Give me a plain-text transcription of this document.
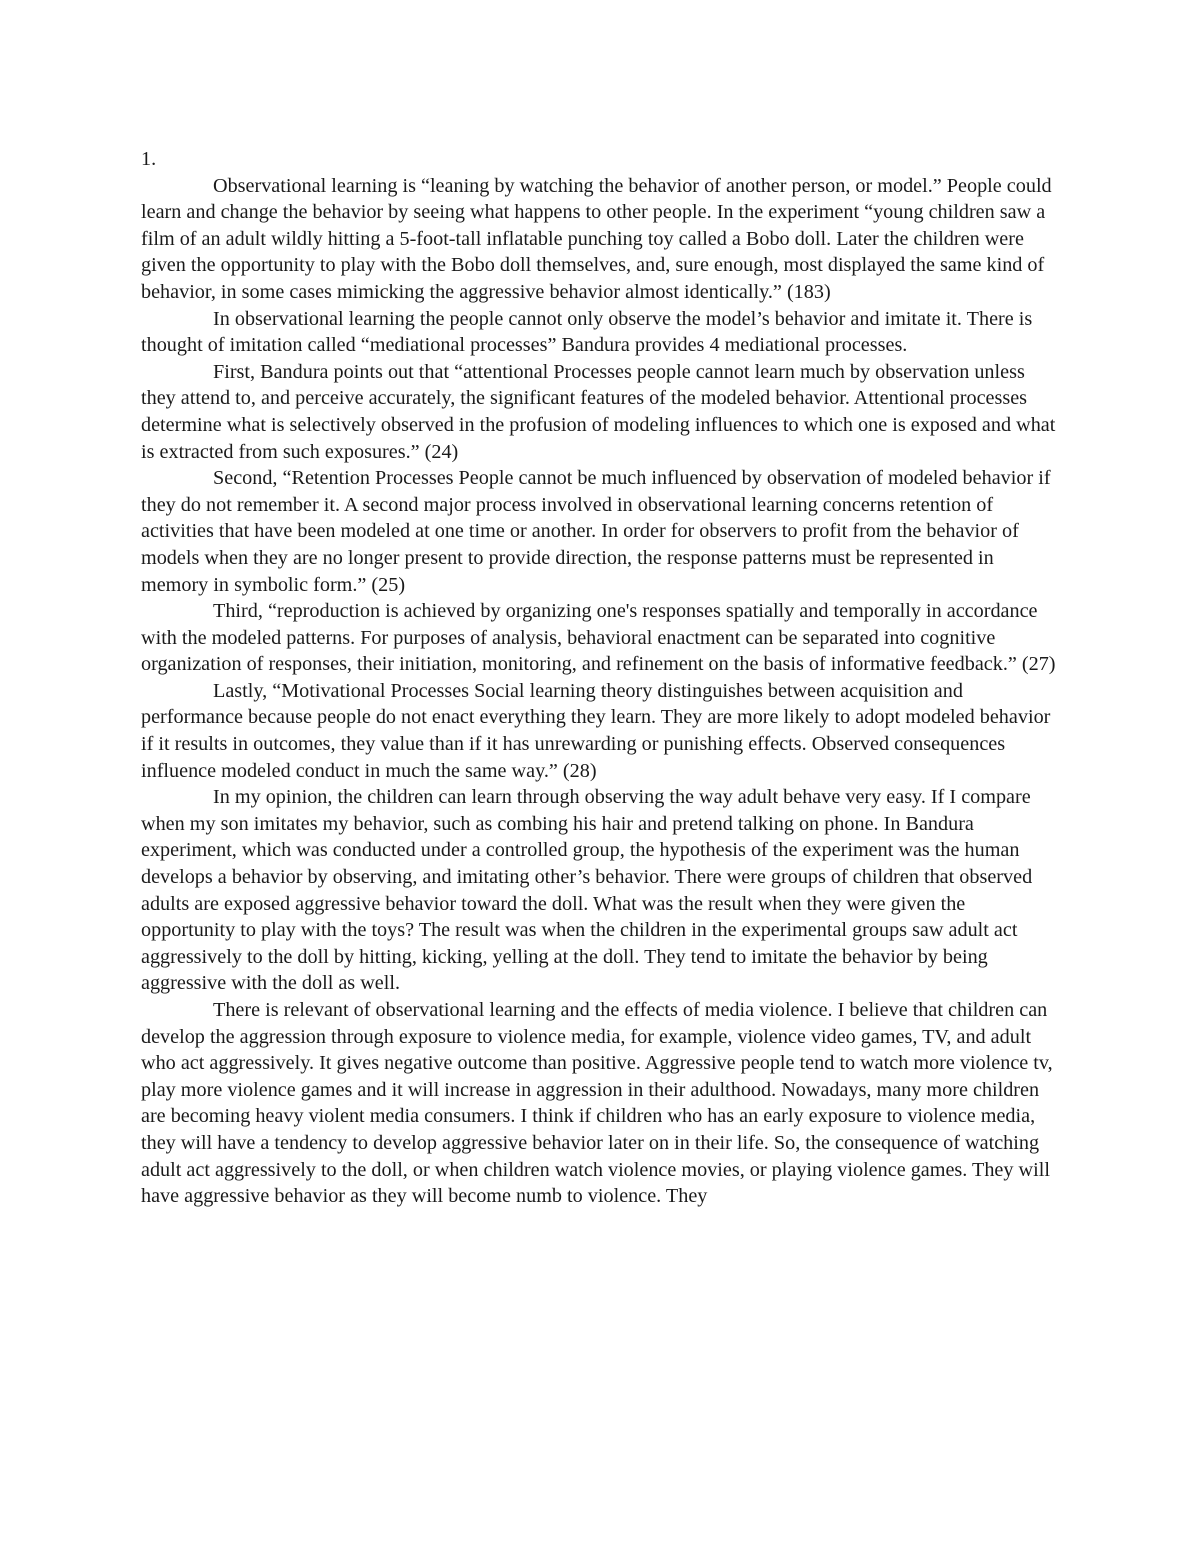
1.

Observational learning is “leaning by watching the behavior of another person, or model.” People could learn and change the behavior by seeing what happens to other people. In the experiment “young children saw a film of an adult wildly hitting a 5-foot-tall inflatable punching toy called a Bobo doll. Later the children were given the opportunity to play with the Bobo doll themselves, and, sure enough, most displayed the same kind of behavior, in some cases mimicking the aggressive behavior almost identically.” (183)

In observational learning the people cannot only observe the model’s behavior and imitate it. There is thought of imitation called “mediational processes” Bandura provides 4 mediational processes.

First, Bandura points out that “attentional Processes people cannot learn much by observation unless they attend to, and perceive accurately, the significant features of the modeled behavior. Attentional processes determine what is selectively observed in the profusion of modeling influences to which one is exposed and what is extracted from such exposures.” (24)

Second, “Retention Processes People cannot be much influenced by observation of modeled behavior if they do not remember it. A second major process involved in observational learning concerns retention of activities that have been modeled at one time or another. In order for observers to profit from the behavior of models when they are no longer present to provide direction, the response patterns must be represented in memory in symbolic form.” (25)

Third, “reproduction is achieved by organizing one's responses spatially and temporally in accordance with the modeled patterns. For purposes of analysis, behavioral enactment can be separated into cognitive organization of responses, their initiation, monitoring, and refinement on the basis of informative feedback.” (27)

Lastly, “Motivational Processes Social learning theory distinguishes between acquisition and performance because people do not enact everything they learn. They are more likely to adopt modeled behavior if it results in outcomes, they value than if it has unrewarding or punishing effects. Observed consequences influence modeled conduct in much the same way.” (28)

In my opinion, the children can learn through observing the way adult behave very easy. If I compare when my son imitates my behavior, such as combing his hair and pretend talking on phone. In Bandura experiment, which was conducted under a controlled group, the hypothesis of the experiment was the human develops a behavior by observing, and imitating other’s behavior. There were groups of children that observed adults are exposed aggressive behavior toward the doll. What was the result when they were given the opportunity to play with the toys? The result was when the children in the experimental groups saw adult act aggressively to the doll by hitting, kicking, yelling at the doll. They tend to imitate the behavior by being aggressive with the doll as well.

There is relevant of observational learning and the effects of media violence. I believe that children can develop the aggression through exposure to violence media, for example, violence video games, TV, and adult who act aggressively. It gives negative outcome than positive. Aggressive people tend to watch more violence tv, play more violence games and it will increase in aggression in their adulthood. Nowadays, many more children are becoming heavy violent media consumers. I think if children who has an early exposure to violence media, they will have a tendency to develop aggressive behavior later on in their life. So, the consequence of watching adult act aggressively to the doll, or when children watch violence movies, or playing violence games. They will have aggressive behavior as they will become numb to violence. They
